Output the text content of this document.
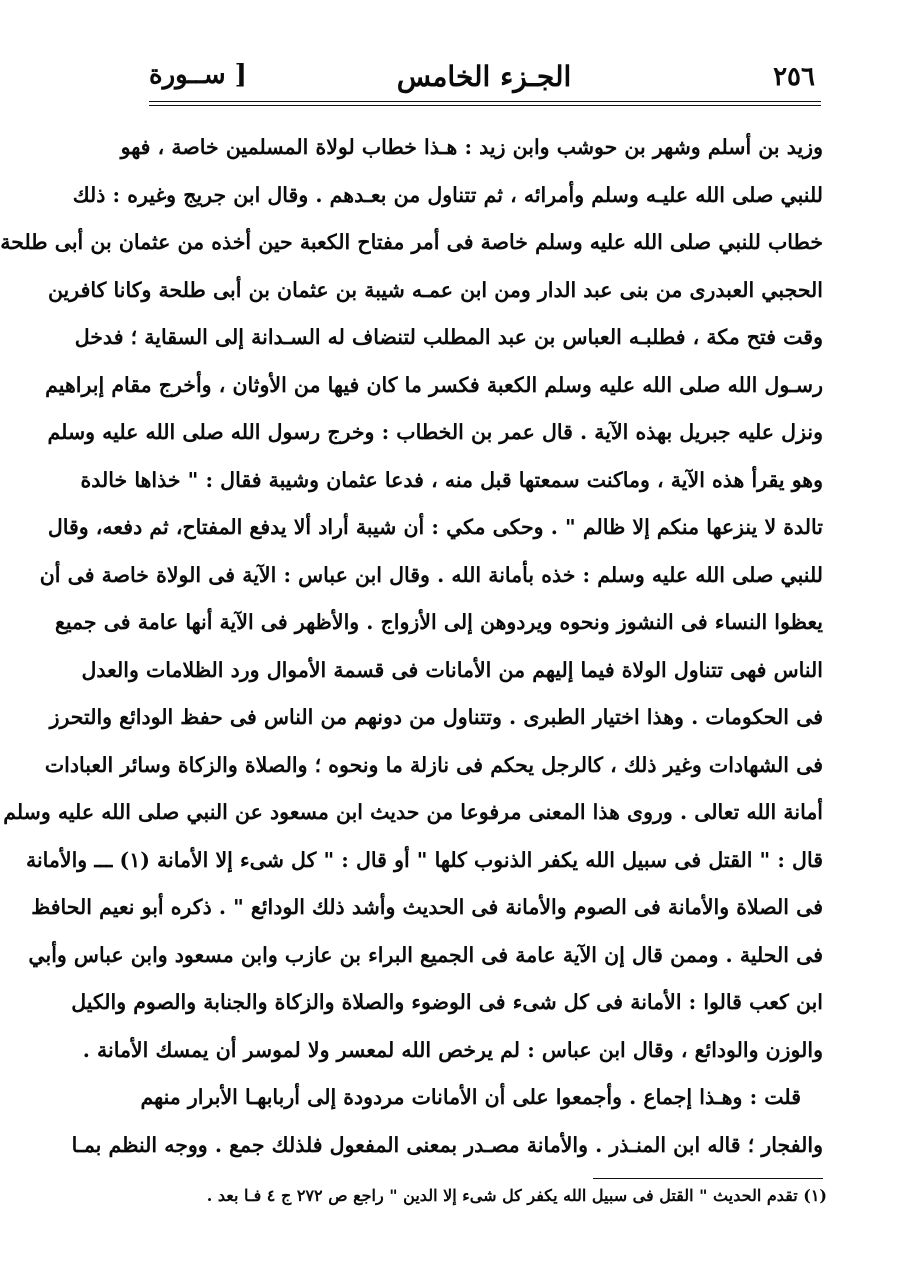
٢٥٦
الجـزء الخامس
[ ســورة
وزيد بن أسلم وشهر بن حوشب وابن زيد : هـذا خطاب لولاة المسلمين خاصة ، فهو
للنبي صلى الله عليـه وسلم وأمرائه ، ثم تتناول من بعـدهم . وقال ابن جريج وغيره : ذلك
خطاب للنبي صلى الله عليه وسلم خاصة فى أمر مفتاح الكعبة حين أخذه من عثمان بن أبى طلحة
الحجبي العبدرى من بنى عبد الدار ومن ابن عمـه شيبة بن عثمان بن أبى طلحة وكانا كافرين
وقت فتح مكة ، فطلبـه العباس بن عبد المطلب لتنضاف له السـدانة إلى السقاية ؛ فدخل
رسـول الله صلى الله عليه وسلم الكعبة فكسر ما كان فيها من الأوثان ، وأخرج مقام إبراهيم
ونزل عليه جبريل بهذه الآية . قال عمر بن الخطاب : وخرج رسول الله صلى الله عليه وسلم
وهو يقرأ هذه الآية ، وماكنت سمعتها قبل منه ، فدعا عثمان وشيبة فقال : " خذاها خالدة
تالدة لا ينزعها منكم إلا ظالم " . وحكى مكي : أن شيبة أراد ألا يدفع المفتاح، ثم دفعه، وقال
للنبي صلى الله عليه وسلم : خذه بأمانة الله . وقال ابن عباس : الآية فى الولاة خاصة فى أن
يعظوا النساء فى النشوز ونحوه ويردوهن إلى الأزواج . والأظهر فى الآية أنها عامة فى جميع
الناس فهى تتناول الولاة فيما إليهم من الأمانات فى قسمة الأموال ورد الظلامات والعدل
فى الحكومات . وهذا اختيار الطبرى . وتتناول من دونهم من الناس فى حفظ الودائع والتحرز
فى الشهادات وغير ذلك ، كالرجل يحكم فى نازلة ما ونحوه ؛ والصلاة والزكاة وسائر العبادات
أمانة الله تعالى . وروى هذا المعنى مرفوعا من حديث ابن مسعود عن النبي صلى الله عليه وسلم
قال : " القتل فى سبيل الله يكفر الذنوب كلها " أو قال : " كل شىء إلا الأمانة (١) ـــ والأمانة
فى الصلاة والأمانة فى الصوم والأمانة فى الحديث وأشد ذلك الودائع " . ذكره أبو نعيم الحافظ
فى الحلية . وممن قال إن الآية عامة فى الجميع البراء بن عازب وابن مسعود وابن عباس وأبي
ابن كعب قالوا : الأمانة فى كل شىء فى الوضوء والصلاة والزكاة والجنابة والصوم والكيل
والوزن والودائع ، وقال ابن عباس : لم يرخص الله لمعسر ولا لموسر أن يمسك الأمانة .
قلت : وهـذا إجماع . وأجمعوا على أن الأمانات مردودة إلى أربابهـا الأبرار منهم
والفجار ؛ قاله ابن المنـذر . والأمانة مصـدر بمعنى المفعول فلذلك جمع . ووجه النظم بمـا
(١) تقدم الحديث " القتل فى سبيل الله يكفر كل شىء إلا الدين " راجع ص ٢٧٢ ج ٤ فـا بعد .
